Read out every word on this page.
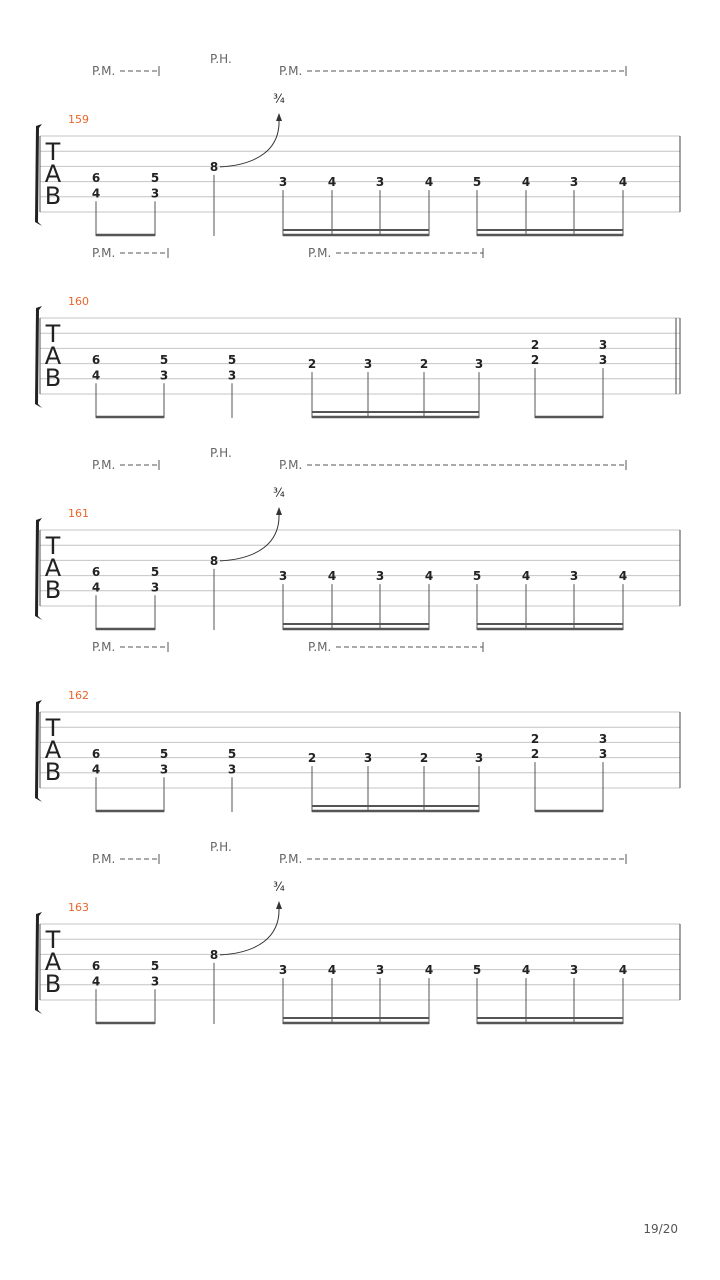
T
A
B
159
P.M.
P.H.
P.M.
6
4
5
3
8
¾
3	4	3	4	5	4	3	4
T
A
B
160
P.M.	P.M.
6
4
5
3
5
3
2	3	2	3
2
2
3
3
T
A
B
161
P.M.
P.H.
P.M.
6
4
5
3
8
¾
3	4	3	4	5	4	3	4
T
A
B
162
P.M.	P.M.
6
4
5
3
5
3
2	3	2	3
2
2
3
3
T
A
B
163
P.M.
P.H.
P.M.
6
4
5
3
8
¾
3	4	3	4	5	4	3	4
19/20
